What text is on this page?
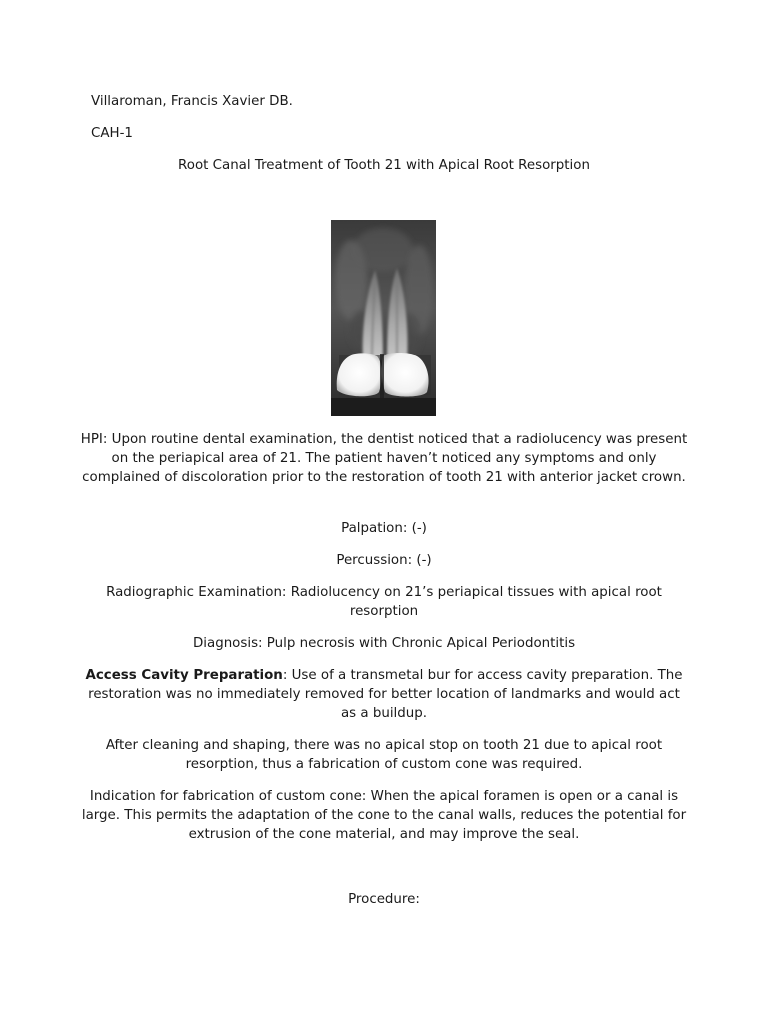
Villaroman, Francis Xavier DB.
CAH-1
Root Canal Treatment of Tooth 21 with Apical Root Resorption
HPI: Upon routine dental examination, the dentist noticed that a radiolucency was present on the periapical area of 21. The patient haven’t noticed any symptoms and only complained of discoloration prior to the restoration of tooth 21 with anterior jacket crown.
Palpation: (-)
Percussion: (-)
Radiographic Examination: Radiolucency on 21’s periapical tissues with apical root resorption
Diagnosis: Pulp necrosis with Chronic Apical Periodontitis
Access Cavity Preparation: Use of a transmetal bur for access cavity preparation. The restoration was no immediately removed for better location of landmarks and would act as a buildup.
After cleaning and shaping, there was no apical stop on tooth 21 due to apical root resorption, thus a fabrication of custom cone was required.
Indication for fabrication of custom cone: When the apical foramen is open or a canal is large. This permits the adaptation of the cone to the canal walls, reduces the potential for extrusion of the cone material, and may improve the seal.
Procedure:
